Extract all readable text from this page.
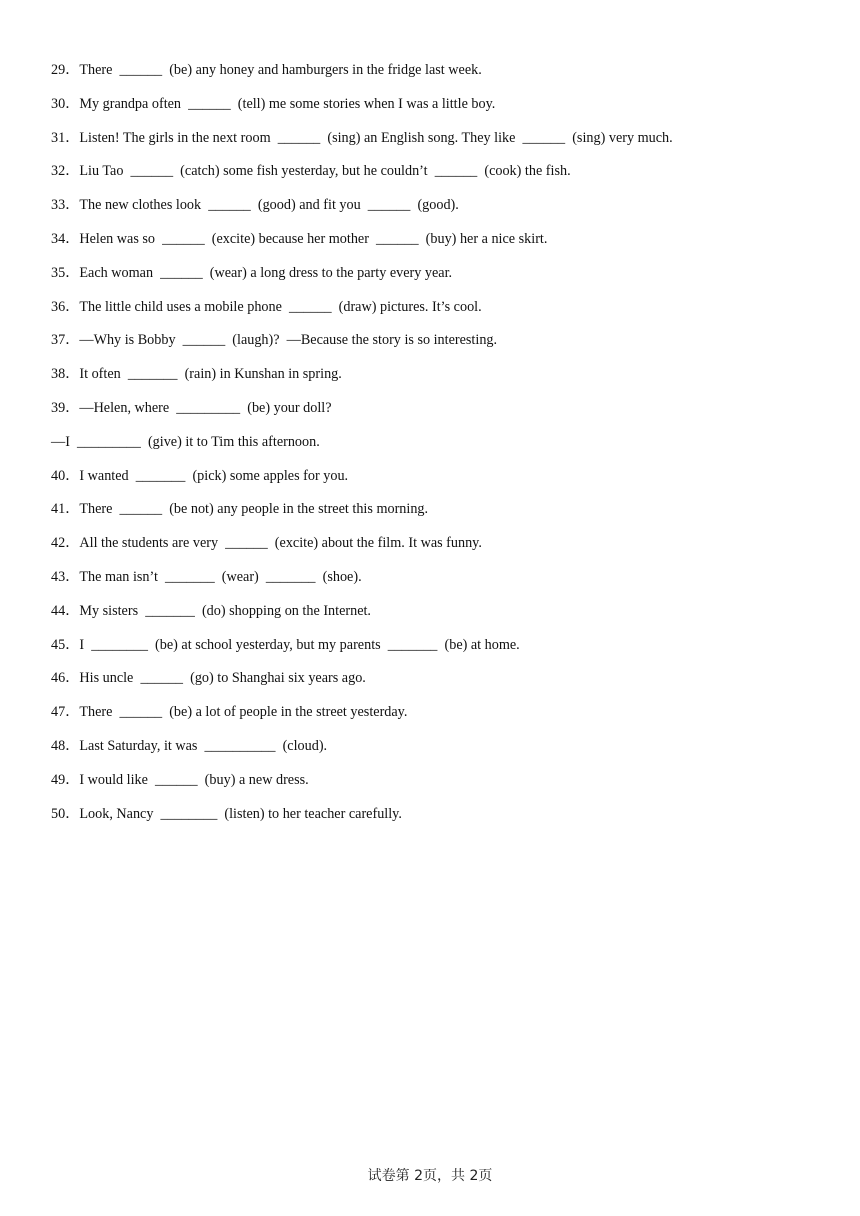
29．There  ______  (be) any honey and hamburgers in the fridge last week.
30．My grandpa often  ______  (tell) me some stories when I was a little boy.
31．Listen! The girls in the next room  ______  (sing) an English song. They like  ______  (sing) very much.
32．Liu Tao  ______  (catch) some fish yesterday, but he couldn’t  ______  (cook) the fish.
33．The new clothes look  ______  (good) and fit you  ______  (good).
34．Helen was so  ______  (excite) because her mother  ______  (buy) her a nice skirt.
35．Each woman  ______  (wear) a long dress to the party every year.
36．The little child uses a mobile phone  ______  (draw) pictures. It’s cool.
37．—Why is Bobby  ______  (laugh)?  —Because the story is so interesting.
38．It often  _______  (rain) in Kunshan in spring.
39．—Helen, where  _________  (be) your doll?
—I  _________  (give) it to Tim this afternoon.
40．I wanted  _______  (pick) some apples for you.
41．There  ______  (be not) any people in the street this morning.
42．All the students are very  ______  (excite) about the film. It was funny.
43．The man isn’t  _______  (wear)  _______  (shoe).
44．My sisters  _______  (do) shopping on the Internet.
45．I  ________  (be) at school yesterday, but my parents  _______  (be) at home.
46．His uncle  ______  (go) to Shanghai six years ago.
47．There  ______  (be) a lot of people in the street yesterday.
48．Last Saturday, it was  __________  (cloud).
49．I would like  ______  (buy) a new dress.
50．Look, Nancy  ________  (listen) to her teacher carefully.
试卷第 2页，共 2页
